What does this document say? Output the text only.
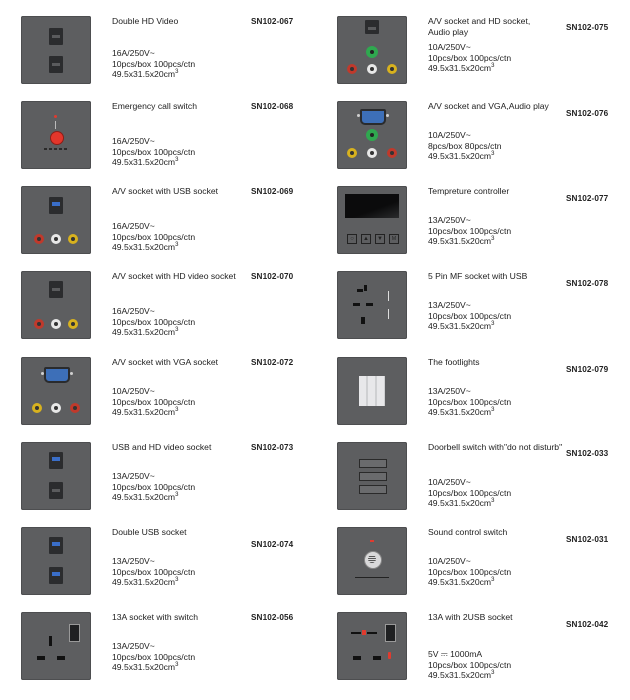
Double HD Video	SN102-067
16A/250V~
10pcs/box 100pcs/ctn
$49.5x31.5x20cm^3$
Emergency call switch	SN102-068
16A/250V~
10pcs/box 100pcs/ctn
$49.5x31.5x20cm^3$
A/V socket with USB socket	SN102-069
16A/250V~
10pcs/box 100pcs/ctn
$49.5x31.5x20cm^3$
A/V socket with HD video socket	SN102-070
16A/250V~
10pcs/box 100pcs/ctn
$49.5x31.5x20cm^3$
A/V socket with VGA socket	SN102-072
10A/250V~
10pcs/box 100pcs/ctn
$49.5x31.5x20cm^3$
USB and HD video socket	SN102-073
13A/250V~
10pcs/box 100pcs/ctn
$49.5x31.5x20cm^3$
Double USB socket
SN102-074
13A/250V~
10pcs/box 100pcs/ctn
$49.5x31.5x20cm^3$
13A socket with switch	SN102-056
13A/250V~
10pcs/box 100pcs/ctn
$49.5x31.5x20cm^3$
A/V socket and HD socket, Audio play	SN102-075
10A/250V~
10pcs/box 100pcs/ctn
$49.5x31.5x20cm^3$
A/V socket and VGA,Audio play
SN102-076
10A/250V~
8pcs/box 80pcs/ctn
$49.5x31.5x20cm^3$
○	▲	▼	M
Tempreture controller
SN102-077
13A/250V~
10pcs/box 100pcs/ctn
$49.5x31.5x20cm^3$
5 Pin MF socket with USB
SN102-078
13A/250V~
10pcs/box 100pcs/ctn
$49.5x31.5x20cm^3$
The footlights
SN102-079
13A/250V~
10pcs/box 100pcs/ctn
$49.5x31.5x20cm^3$
Doorbell switch with"do not disturb"
SN102-033
10A/250V~
10pcs/box 100pcs/ctn
$49.5x31.5x20cm^3$
Sound control switch
SN102-031
10A/250V~
10pcs/box 100pcs/ctn
$49.5x31.5x20cm^3$
13A with 2USB socket
SN102-042
5V ⎓ 1000mA
10pcs/box 100pcs/ctn
$49.5x31.5x20cm^3$
